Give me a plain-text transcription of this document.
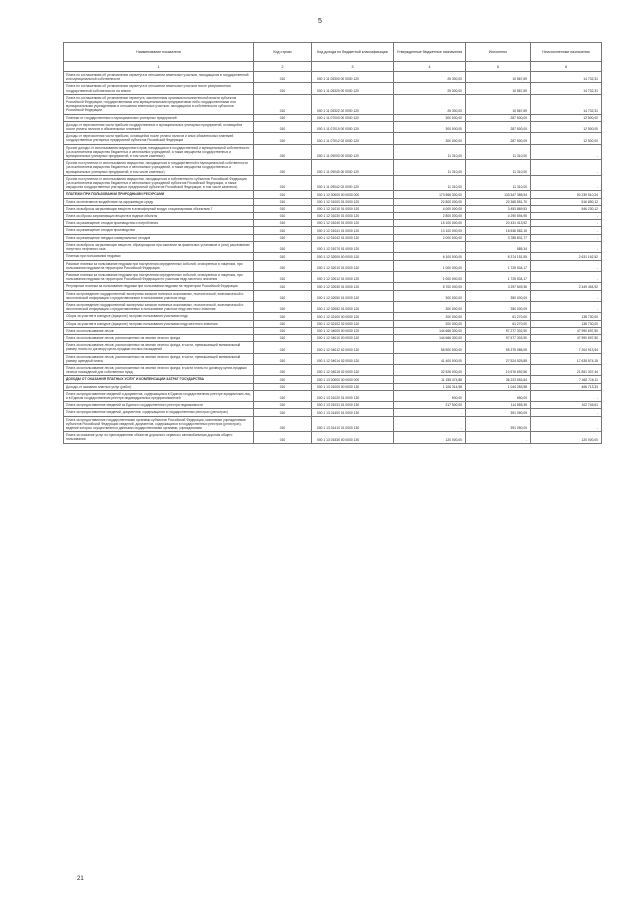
5
Наименование показателя	Код строки	Код дохода по бюджетной классификации	Утвержденные бюджетные назначения	Исполнено	Неисполненные назначения
1	2	3	4	5	6
Плата по соглашениям об установлении сервитута в отношении земельных участков, находящихся в государственной или муниципальной собственности	010	000 1 11 05300 00 0000 120	25 300,00	10 567,69	14 732,31
Плата по соглашениям об установлении сервитута в отношении земельных участков после разграничения государственной собственности на землю	010	000 1 11 05320 00 0000 120	25 300,00	10 567,69	14 732,31
Плата по соглашениям об установлении сервитута, заключенным органами исполнительной власти субъектов Российской Федерации, государственными или муниципальными предприятиями либо государственными или муниципальными учреждениями в отношении земельных участков, находящихся в собственности субъектов Российской Федерации	010	000 1 11 05322 02 0000 120	25 300,00	10 567,69	14 732,31
Платежи от государственных и муниципальных унитарных предприятий	010	000 1 11 07000 00 0000 120	300 000,00	287 500,00	12 500,00
Доходы от перечисления части прибыли государственных и муниципальных унитарных предприятий, остающейся после уплаты налогов и обязательных платежей	010	000 1 11 07010 00 0000 120	300 000,00	287 500,00	12 500,00
Доходы от перечисления части прибыли, остающейся после уплаты налогов и иных обязательных платежей государственных унитарных предприятий субъектов Российской Федерации	010	000 1 11 07012 02 0000 120	300 000,00	287 500,00	12 500,00
Прочие доходы от использования имущества и прав, находящихся в государственной и муниципальной собственности (за исключением имущества бюджетных и автономных учреждений, а также имущества государственных и муниципальных унитарных предприятий, в том числе казенных)	010	000 1 11 09000 00 0000 120	11 310,00	11 310,00	-
Прочие поступления от использования имущества, находящегося в государственной и муниципальной собственности (за исключением имущества бюджетных и автономных учреждений, а также имущества государственных и муниципальных унитарных предприятий, в том числе казенных)	010	000 1 11 09040 00 0000 120	11 310,00	11 310,00	-
Прочие поступления от использования имущества, находящегося в собственности субъектов Российской Федерации (за исключением имущества бюджетных и автономных учреждений субъектов Российской Федерации, а также имущества государственных унитарных предприятий субъектов Российской Федерации, в том числе казенных)	010	000 1 11 09042 02 0000 120	11 310,00	11 310,00	-
ПЛАТЕЖИ ПРИ ПОЛЬЗОВАНИИ ПРИРОДНЫМИ РЕСУРСАМИ	010	000 1 12 00000 00 0000 000	173 566 300,00	133 547 385,94	50 239 510,24
Плата за негативное воздействие на окружающую среду	010	000 1 12 01000 01 0000 120	22 800 000,00	20 368 851,70	516 850,12
Плата за выбросы загрязняющих веществ в атмосферный воздух стационарными объектами 7	010	000 1 12 01010 01 0000 120	4 000 000,00	3 453 869,53	546 230,12
Плата за сбросы загрязняющих веществ в водные объекты	010	000 1 12 01030 01 0000 120	2 800 000,00	4 290 594,95	-
Плата за размещение отходов производства и потребления	010	000 1 12 01040 01 0000 120	15 100 000,00	20 431 413,92	-
Плата за размещение отходов производства	010	000 1 12 01041 01 0000 120	13 100 000,00	16 636 582,15	-
Плата за размещение твердых коммунальных отходов	010	000 1 12 01042 01 0000 120	2 000 000,00	3 785 831,77	-
Плата за выбросы загрязняющих веществ, образующихся при сжигании на факельных установках и (или) рассеивании попутного нефтяного газа	010	000 1 12 01070 01 0000 120	-	585,34	-
Платежи при пользовании недрами	010	000 1 12 02000 00 0000 120	6 100 000,00	8 374 151,55	2 631 162,52
Разовые платежи за пользование недрами при наступлении определенных событий, оговоренных в лицензии, при пользовании недрами на территории Российской Федерации	010	000 1 12 02010 01 0000 120	1 000 000,00	1 725 534,17	-
Разовые платежи за пользование недрами при наступлении определенных событий, оговоренных в лицензии, при пользовании недрами на территории Российской Федерации по участкам недр местного значения	010	000 1 12 02012 01 0000 120	1 000 000,00	1 725 534,17	-
Регулярные платежи за пользование недрами при пользовании недрами на территории Российской Федерации	010	000 1 12 02030 01 0000 120	5 700 000,00	3 297 549,36	2 449 454,92
Плата за проведение государственной экспертизы запасов полезных ископаемых, геологической, экономической и экологической информации о предоставляемых в пользование участках недр	010	000 1 12 02050 01 0000 120	300 000,00	350 000,00	-
Плата за проведение государственной экспертизы запасов полезных ископаемых, геологической, экономической и экологической информации о предоставляемых в пользование участках недр местного значения	010	000 1 12 02052 01 0000 120	300 000,00	350 000,00	-
Сборы за участие в конкурсе (аукционе) на право пользования участками недр	010	000 1 12 02100 00 0000 120	200 000,00	61 270,00	138 730,00
Сборы за участие в конкурсе (аукционе) на право пользования участками недр местного значения	010	000 1 12 02102 02 0000 120	200 000,00	61 270,00	138 730,00
Плата за использование лесов	010	000 1 12 04000 00 0000 120	144 666 300,00	97 277 302,90	47 990 697,50
Плата за использование лесов, расположенных на землях лесного фонда	010	000 1 12 04010 00 0000 120	144 666 300,00	97 677 302,90	47 990 697,50
Плата за использование лесов, расположенных на землях лесного фонда, в части, превышающей минимальный размер платы по договору купли-продажи лесных насаждений	010	000 1 12 04012 02 0000 120	56 500 000,00	55 375 085,05	7 204 913,94
Плата за использование лесов, расположенных на землях лесного фонда, в части, превышающей минимальный размер арендной платы	010	000 1 12 04014 02 0000 120	41 400 000,00	27 524 525,85	17 635 974,15
Плата за использование лесов, расположенных на землях лесного фонда, в части платы по договору купли-продажи лесных насаждений для собственных нужд	010	000 1 12 04015 02 0000 120	32 526 000,00	10 676 692,56	21 851 307,44
ДОХОДЫ ОТ ОКАЗАНИЯ ПЛАТНЫХ УСЛУГ И КОМПЕНСАЦИИ ЗАТРАТ ГОСУДАРСТВА	010	000 1 13 00000 00 0000 000	11 155 474,88	36 223 652,64	7 462 716,11
Доходы от оказания платных услуг (работ)	010	000 1 13 01000 00 0000 130	1 106 314,98	1 044 283,98	466 713,33
Плата за предоставление сведений и документов, содержащихся в Едином государственном реестре юридических лиц и в Едином государственном реестре индивидуальных предпринимателей	010	000 1 13 01020 01 0000 130	500,00	650,00	-
Плата за предоставление сведений из Единого государственного реестра недвижимости	010	000 1 13 01031 01 0000 130	217 500,00	114 855,39	102 745,61
Плата за предоставление сведений, документов, содержащихся в государственных реестрах (регистрах)	010	000 1 13 01400 01 0000 130	-	391 050,00	-
Плата за предоставление государственными органами субъектов Российской Федерации, казенными учреждениями субъектов Российской Федерации сведений, документов, содержащихся в государственных реестрах (регистрах), ведение которых осуществляется данными государственными органами, учреждениями	010	000 1 13 01410 01 0000 130	-	391 050,00	-
Плата за оказание услуг по присоединению объектов дорожного сервиса к автомобильным дорогам общего пользования	010	000 1 13 01530 00 0000 130	120 000,00	-	120 000,00
21
